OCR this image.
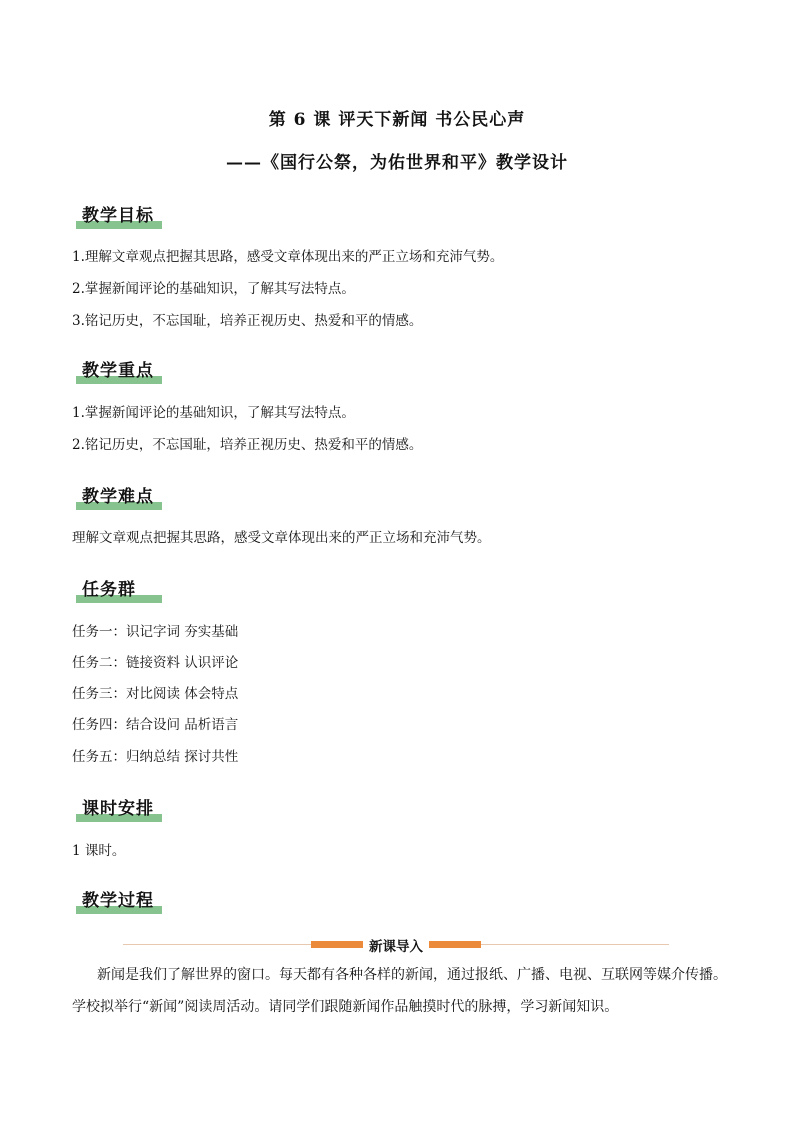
第 6 课 评天下新闻 书公民心声
——《国行公祭，为佑世界和平》教学设计
教学目标
1.理解文章观点把握其思路，感受文章体现出来的严正立场和充沛气势。
2.掌握新闻评论的基础知识，了解其写法特点。
3.铭记历史，不忘国耻，培养正视历史、热爱和平的情感。
教学重点
1.掌握新闻评论的基础知识，了解其写法特点。
2.铭记历史，不忘国耻，培养正视历史、热爱和平的情感。
教学难点
理解文章观点把握其思路，感受文章体现出来的严正立场和充沛气势。
任务群
任务一：识记字词 夯实基础
任务二：链接资料 认识评论
任务三：对比阅读 体会特点
任务四：结合设问 品析语言
任务五：归纳总结 探讨共性
课时安排
1 课时。
教学过程
新课导入
新闻是我们了解世界的窗口。每天都有各种各样的新闻，通过报纸、广播、电视、互联网等媒介传播。
学校拟举行“新闻”阅读周活动。请同学们跟随新闻作品触摸时代的脉搏，学习新闻知识。
